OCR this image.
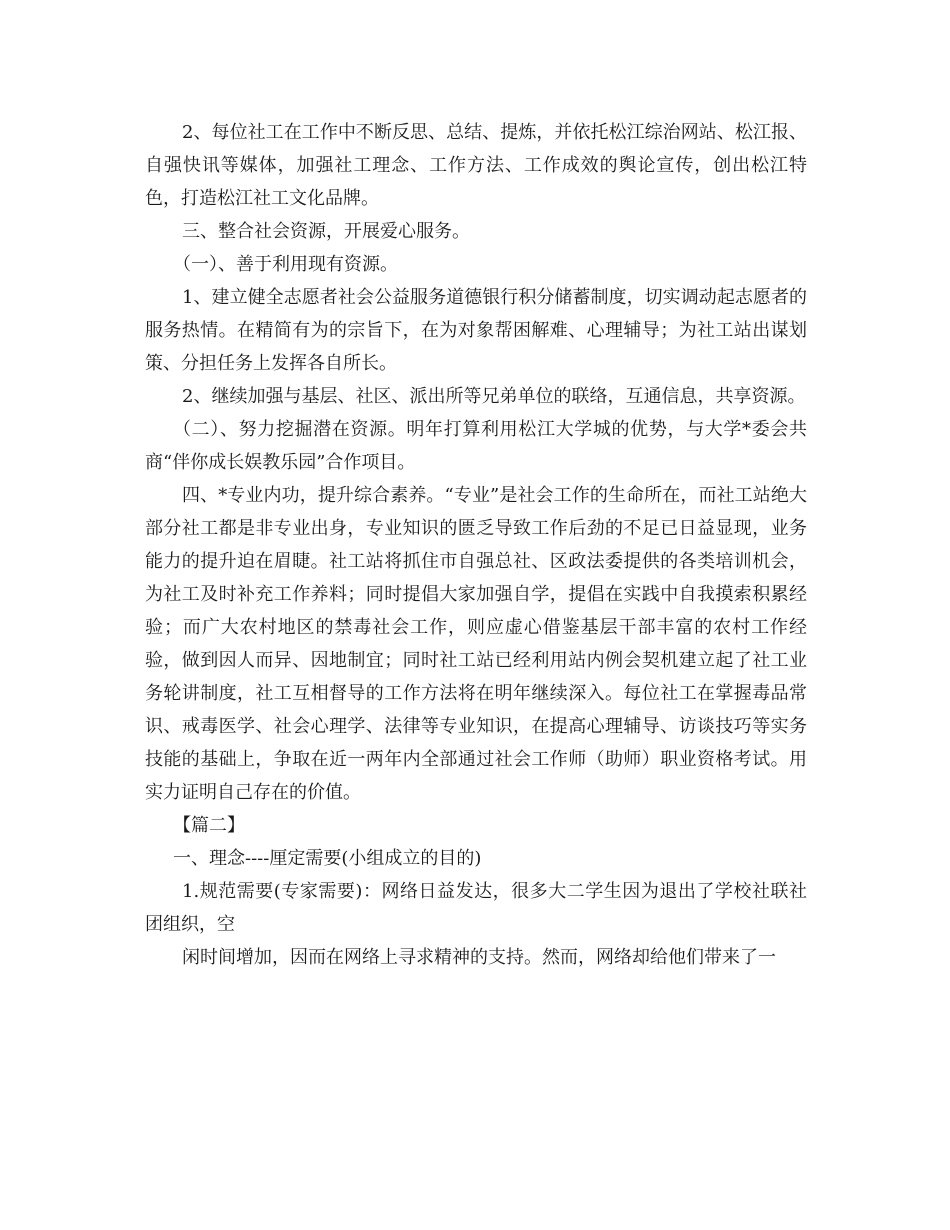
2、每位社工在工作中不断反思、总结、提炼，并依托松江综治网站、松江报、自强快讯等媒体，加强社工理念、工作方法、工作成效的舆论宣传，创出松江特色，打造松江社工文化品牌。

三、整合社会资源，开展爱心服务。

（一）、善于利用现有资源。

1、建立健全志愿者社会公益服务道德银行积分储蓄制度，切实调动起志愿者的服务热情。在精简有为的宗旨下，在为对象帮困解难、心理辅导；为社工站出谋划策、分担任务上发挥各自所长。

2、继续加强与基层、社区、派出所等兄弟单位的联络，互通信息，共享资源。

（二）、努力挖掘潜在资源。明年打算利用松江大学城的优势，与大学*委会共商“伴你成长娱教乐园”合作项目。

四、*专业内功，提升综合素养。“专业”是社会工作的生命所在，而社工站绝大部分社工都是非专业出身，专业知识的匮乏导致工作后劲的不足已日益显现，业务能力的提升迫在眉睫。社工站将抓住市自强总社、区政法委提供的各类培训机会，为社工及时补充工作养料；同时提倡大家加强自学，提倡在实践中自我摸索积累经验；而广大农村地区的禁毒社会工作，则应虚心借鉴基层干部丰富的农村工作经验，做到因人而异、因地制宜；同时社工站已经利用站内例会契机建立起了社工业务轮讲制度，社工互相督导的工作方法将在明年继续深入。每位社工在掌握毒品常识、戒毒医学、社会心理学、法律等专业知识，在提高心理辅导、访谈技巧等实务技能的基础上，争取在近一两年内全部通过社会工作师（助师）职业资格考试。用实力证明自己存在的价值。

【篇二】

一、理念----厘定需要(小组成立的目的)

1.规范需要(专家需要)：网络日益发达，很多大二学生因为退出了学校社联社团组织，空

闲时间增加，因而在网络上寻求精神的支持。然而，网络却给他们带来了一
